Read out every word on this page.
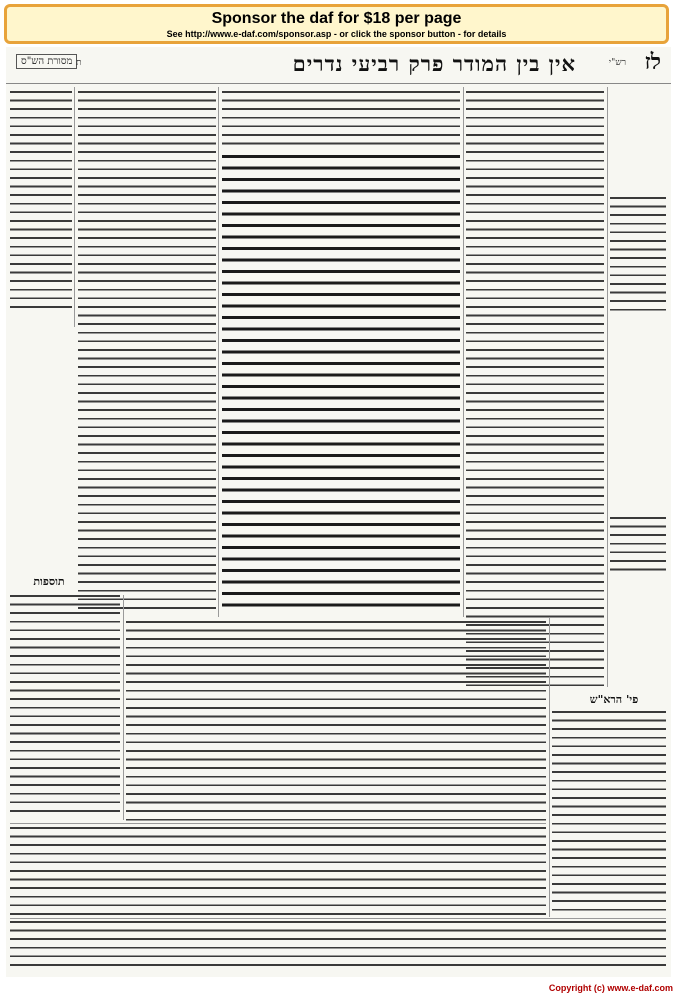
Sponsor the daf for $18 per page
See http://www.e-daf.com/sponsor.asp - or click the sponsor button - for details
לז
אין בין המודר פרק רביעי נדרים	רש"י
מסורת הש"ס ת
תוספות
פי' הרא"ש
Copyright (c) www.e-daf.com
